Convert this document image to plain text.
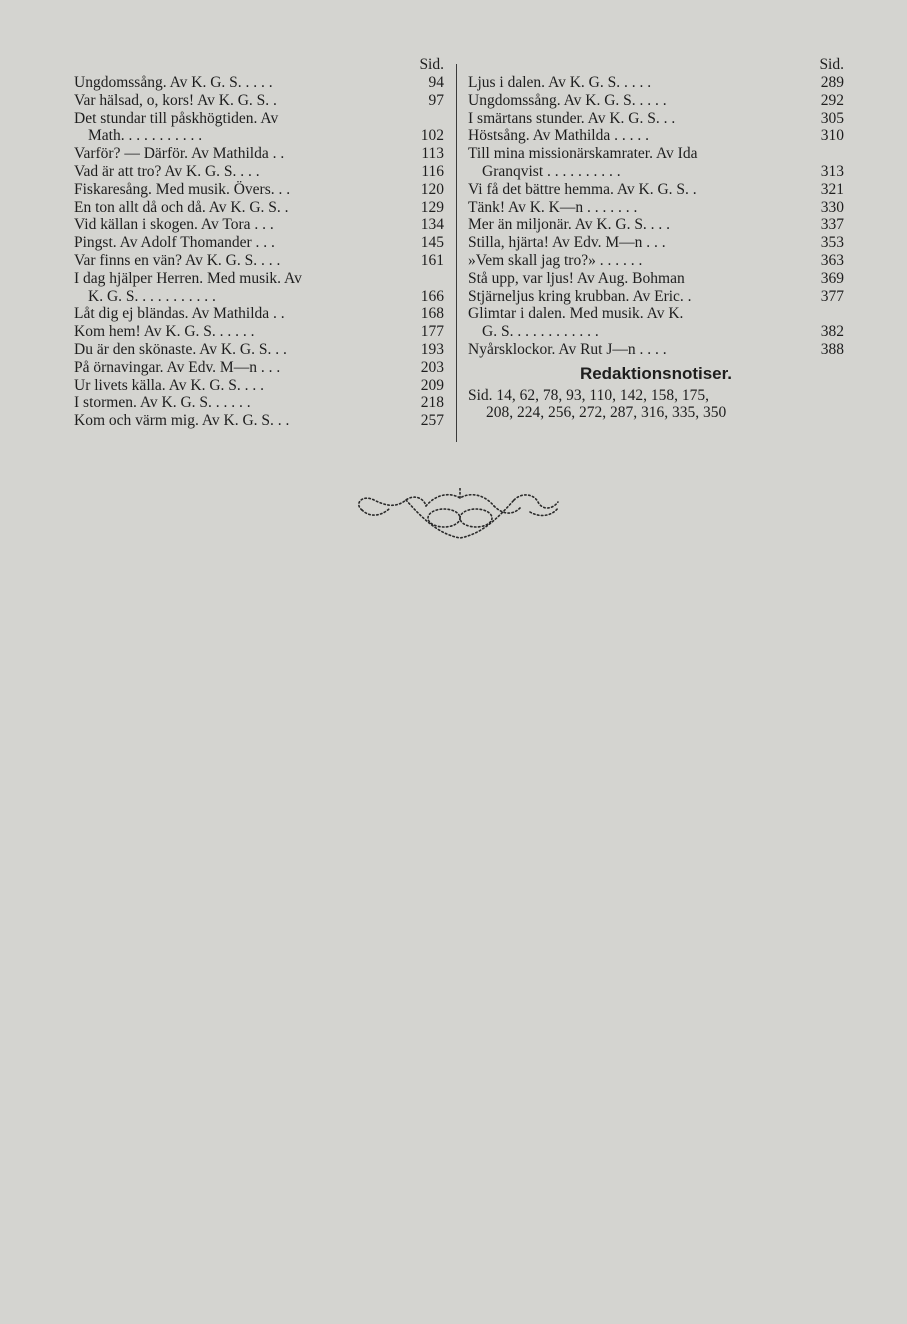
Sid.
Ungdomssång. Av K. G. S. . . . .	94
Var hälsad, o, kors! Av K. G. S. .	97
Det stundar till påskhögtiden. Av
Math. . . . . . . . . . .	102
Varför? — Därför. Av Mathilda . .	113
Vad är att tro? Av K. G. S. . . .	116
Fiskaresång. Med musik. Övers. . .	120
En ton allt då och då. Av K. G. S. .	129
Vid källan i skogen. Av Tora . . .	134
Pingst. Av Adolf Thomander . . .	145
Var finns en vän? Av K. G. S. . . .	161
I dag hjälper Herren. Med musik. Av
K. G. S. . . . . . . . . . .	166
Låt dig ej bländas. Av Mathilda . .	168
Kom hem! Av K. G. S. . . . . .	177
Du är den skönaste. Av K. G. S. . .	193
På örnavingar. Av Edv. M—n . . .	203
Ur livets källa. Av K. G. S. . . .	209
I stormen. Av K. G. S. . . . . .	218
Kom och värm mig. Av K. G. S. . .	257
Sid.
Ljus i dalen. Av K. G. S. . . . .	289
Ungdomssång. Av K. G. S. . . . .	292
I smärtans stunder. Av K. G. S. . .	305
Höstsång. Av Mathilda . . . . .	310
Till mina missionärskamrater. Av Ida
Granqvist . . . . . . . . . .	313
Vi få det bättre hemma. Av K. G. S. .	321
Tänk! Av K. K—n . . . . . . .	330
Mer än miljonär. Av K. G. S. . . .	337
Stilla, hjärta! Av Edv. M—n . . .	353
»Vem skall jag tro?» . . . . . .	363
Stå upp, var ljus! Av Aug. Bohman	369
Stjärneljus kring krubban. Av Eric. .	377
Glimtar i dalen. Med musik. Av K.
G. S. . . . . . . . . . . .	382
Nyårsklockor. Av Rut J—n . . . .	388
Redaktionsnotiser.
Sid. 14, 62, 78, 93, 110, 142, 158, 175,
208, 224, 256, 272, 287, 316, 335, 350
